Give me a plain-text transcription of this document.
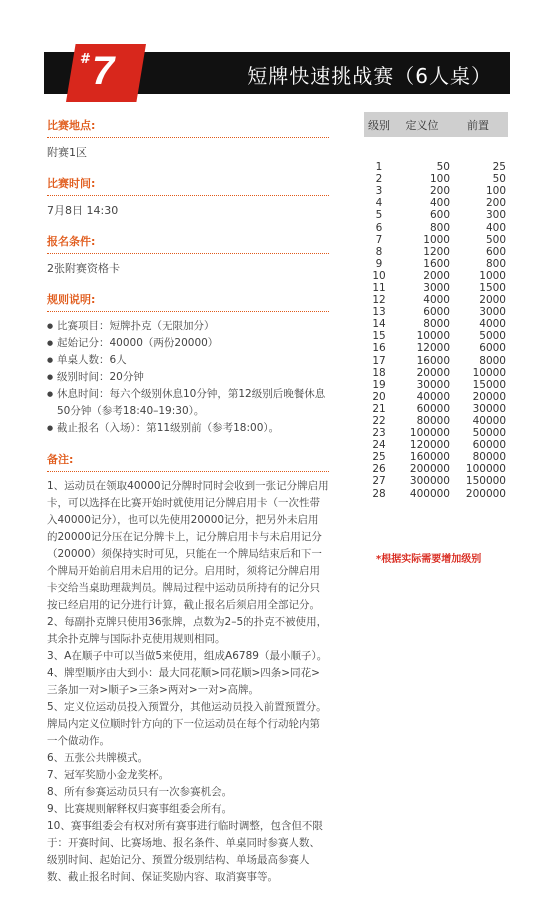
# 7	短牌快速挑战赛（6人桌）
比赛地点:
附赛1区
比赛时间:
7月8日 14:30
报名条件:
2张附赛资格卡
规则说明:
● 比赛项目：短牌扑克（无限加分）
● 起始记分：40000（两份20000）
● 单桌人数：6人
● 级别时间：20分钟
● 休息时间：每六个级别休息10分钟，第12级别后晚餐休息50分钟（参考18:40–19:30）。
● 截止报名（入场）：第11级别前（参考18:00）。
备注:

1、运动员在领取40000记分牌时同时会收到一张记分牌启用卡，可以选择在比赛开始时就使用记分牌启用卡（一次性带入40000记分），也可以先使用20000记分，把另外未启用的20000记分压在记分牌卡上，记分牌启用卡与未启用记分（20000）须保持实时可见，只能在一个牌局结束后和下一个牌局开始前启用未启用的记分。启用时，须将记分牌启用卡交给当桌助理裁判员。牌局过程中运动员所持有的记分只按已经启用的记分进行计算，截止报名后须启用全部记分。

2、每副扑克牌只使用36张牌，点数为2–5的扑克不被使用，其余扑克牌与国际扑克使用规则相同。

3、A在顺子中可以当做5来使用，组成A6789（最小顺子）。

4、牌型顺序由大到小：最大同花顺>同花顺>四条>同花>三条加一对>顺子>三条>两对>一对>高牌。

5、定义位运动员投入预置分，其他运动员投入前置预置分。牌局内定义位顺时针方向的下一位运动员在每个行动轮内第一个做动作。

6、五张公共牌模式。

7、冠军奖励小金龙奖杯。

8、所有参赛运动员只有一次参赛机会。

9、比赛规则解释权归赛事组委会所有。

10、赛事组委会有权对所有赛事进行临时调整，包含但不限于：开赛时间、比赛场地、报名条件、单桌同时参赛人数、级别时间、起始记分、预置分级别结构、单场最高参赛人数、截止报名时间、保证奖励内容、取消赛事等。

级别	定义位	前置
1	50	25
2	100	50
3	200	100
4	400	200
5	600	300
6	800	400
7	1000	500
8	1200	600
9	1600	800
10	2000	1000
11	3000	1500
12	4000	2000
13	6000	3000
14	8000	4000
15	10000	5000
16	12000	6000
17	16000	8000
18	20000	10000
19	30000	15000
20	40000	20000
21	60000	30000
22	80000	40000
23	100000	50000
24	120000	60000
25	160000	80000
26	200000	100000
27	300000	150000
28	400000	200000
*根据实际需要增加级别
